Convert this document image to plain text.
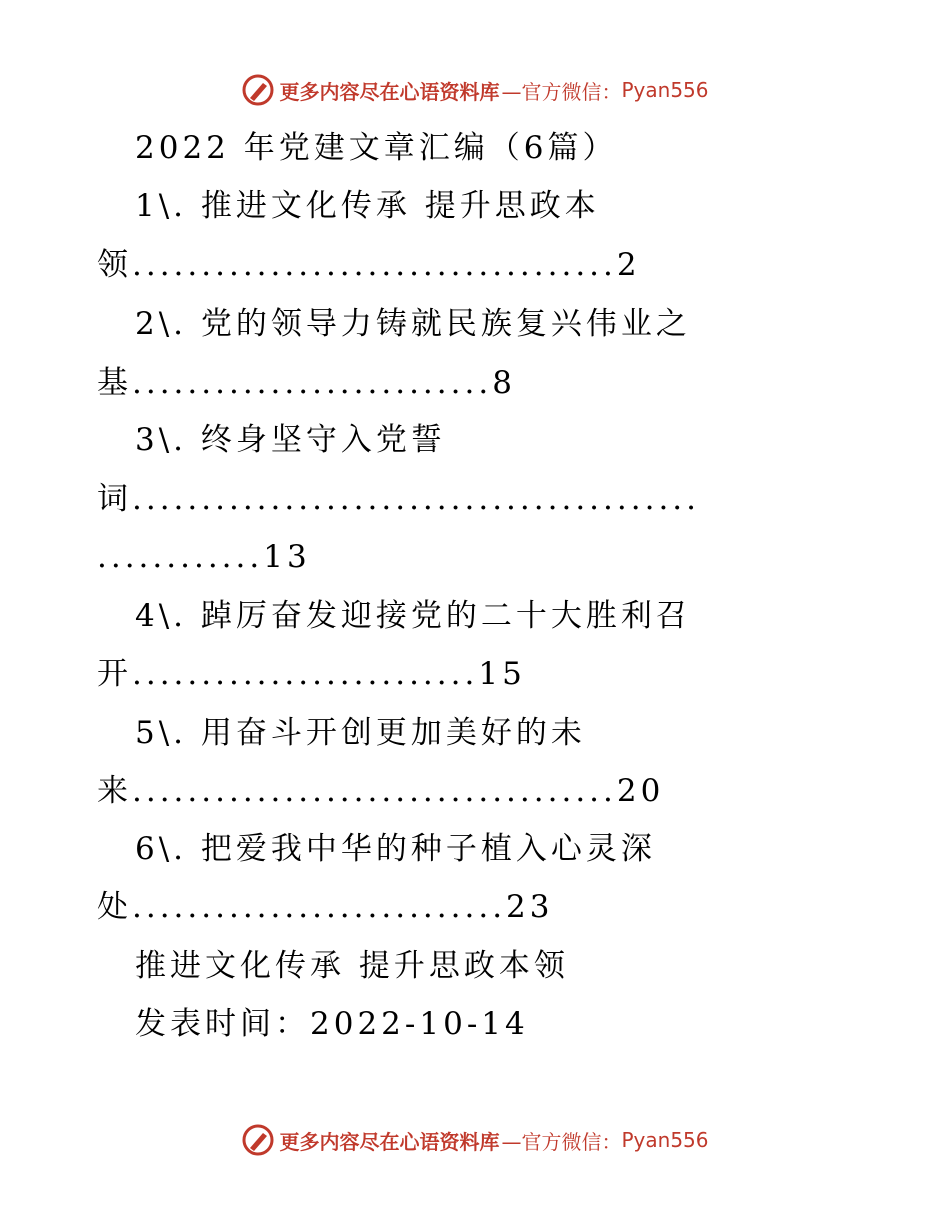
更多内容尽在心语资料库 —官方微信： Pyan556
2022 年党建文章汇编（6篇）
1\. 推进文化传承 提升思政本
领...................................2
2\. 党的领导力铸就民族复兴伟业之
基..........................8
3\. 终身坚守入党誓
词.........................................
............13
4\. 踔厉奋发迎接党的二十大胜利召
开.........................15
5\. 用奋斗开创更加美好的未
来...................................20
6\. 把爱我中华的种子植入心灵深
处...........................23
推进文化传承 提升思政本领
发表时间：2022-10-14
更多内容尽在心语资料库 —官方微信： Pyan556
